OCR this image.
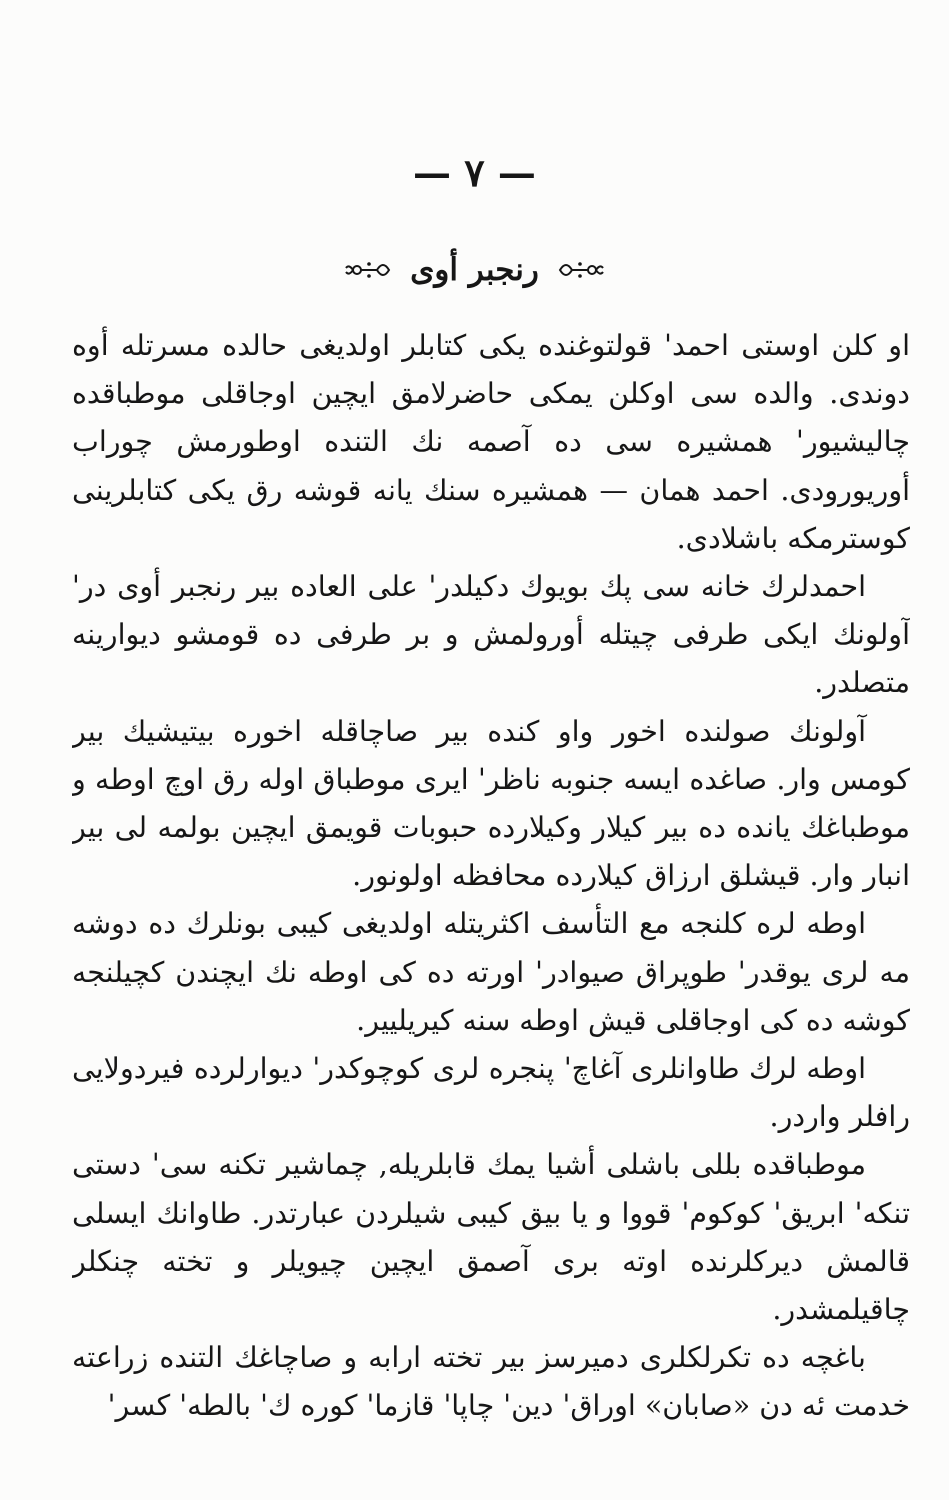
— ٧ —
رنجبر أوى

او كلن اوستى احمد' قولتوغنده يكى كتابلر اولديغى حالده مسرتله أوه دوندى. والده سى اوكلن يمكى حاضرلامق ايچين اوجاقلى موطباقده چاليشيور' همشيره سى ده آصمه نك التنده اوطورمش چوراب أوريورودى. احمد همان — همشيره سنك يانه قوشه رق يكى كتابلرينى كوسترمكه باشلادى.

احمدلرك خانه سى پك بويوك دكيلدر' على العاده بير رنجبر أوى در' آولونك ايكى طرفى چيتله أورولمش و بر طرفى ده قومشو ديوارينه متصلدر.

آولونك صولنده اخور واو كنده بير صاچاقله اخوره بيتيشيك بير كومس وار. صاغده ايسه جنوبه ناظر' ايرى موطباق اوله رق اوچ اوطه و موطباغك يانده ده بير كيلار وكيلارده حبوبات قويمق ايچين بولمه لى بير انبار وار. قيشلق ارزاق كيلارده محافظه اولونور.

اوطه لره كلنجه مع التأسف اكثريتله اولديغى كيبى بونلرك ده دوشه مه لرى يوقدر' طوپراق صيوادر' اورته ده كى اوطه نك ايچندن كچيلنجه كوشه ده كى اوجاقلى قيش اوطه سنه كيريليير.

اوطه لرك طاوانلرى آغاچ' پنجره لرى كوچوكدر' ديوارلرده فيردولايى رافلر واردر.

موطباقده بللى باشلى أشيا يمك قابلريله, چماشير تكنه سى' دستى تنكه' ابريق' كوكوم' قووا و يا بيق كيبى شيلردن عبارتدر. طاوانك ايسلى قالمش ديركلرنده اوته برى آصمق ايچين چيويلر و تخته چنكلر چاقيلمشدر.

باغچه ده تكرلكلرى دميرسز بير تخته ارابه و صاچاغك التنده زراعته خدمت ئه دن «صابان» اوراق' دين' چاپا' قازما' كوره ك' بالطه' كسر'
